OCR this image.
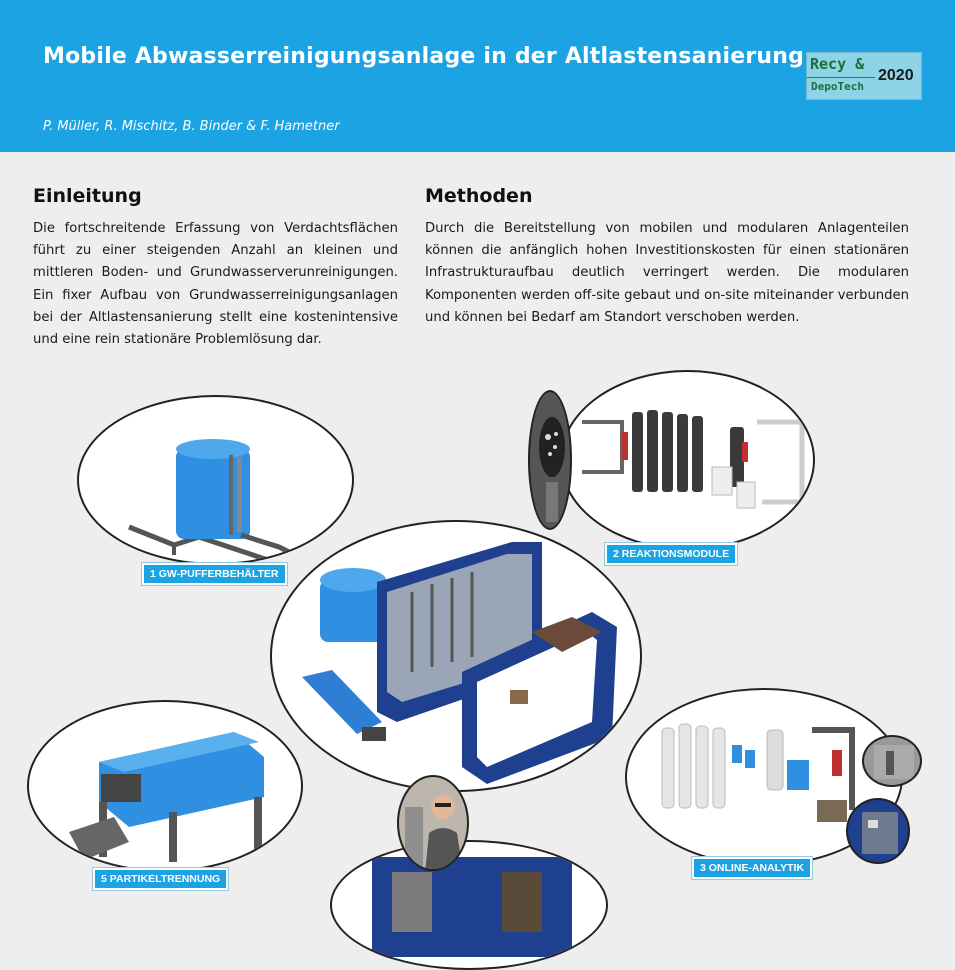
Mobile Abwasserreinigungsanlage in der Altlastensanierung
P. Müller, R. Mischitz, B. Binder & F. Hametner
Recy &
DepoTech
2020
Einleitung

Die fortschreitende Erfassung von Verdachtsflächen führt zu einer steigenden Anzahl an kleinen und mittleren Boden- und Grundwasserverunreinigungen. Ein fixer Aufbau von Grundwasserreinigungsanlagen bei der Altlastensanierung stellt eine kostenintensive und eine rein stationäre Problemlösung dar.

Methoden

Durch die Bereitstellung von mobilen und modularen Anlagenteilen können die anfänglich hohen Investitionskosten für einen stationären Infrastrukturaufbau deutlich verringert werden. Die modularen Komponenten werden off-site gebaut und on-site miteinander verbunden und können bei Bedarf am Standort verschoben werden.

1 GW-PUFFERBEHÄLTER
2 REAKTIONSMODULE
5 PARTIKELTRENNUNG
3 ONLINE-ANALYTIK
